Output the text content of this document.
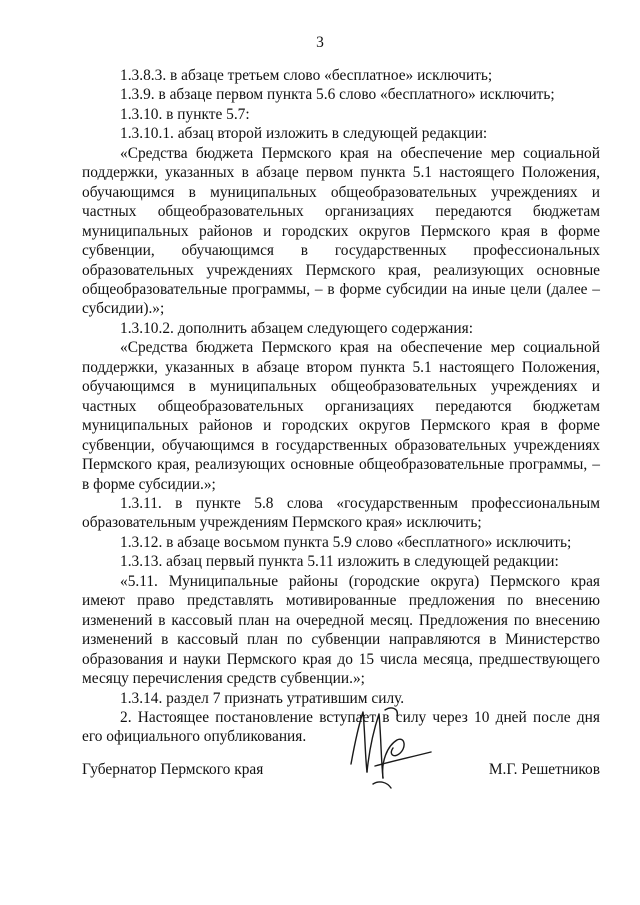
3

1.3.8.3. в абзаце третьем слово «бесплатное» исключить;

1.3.9. в абзаце первом пункта 5.6 слово «бесплатного» исключить;

1.3.10. в пункте 5.7:

1.3.10.1. абзац второй изложить в следующей редакции:

«Средства бюджета Пермского края на обеспечение мер социальной поддержки, указанных в абзаце первом пункта 5.1 настоящего Положения, обучающимся в муниципальных общеобразовательных учреждениях и частных общеобразовательных организациях передаются бюджетам муниципальных районов и городских округов Пермского края в форме субвенции, обучающимся в государственных профессиональных образовательных учреждениях Пермского края, реализующих основные общеобразовательные программы, – в форме субсидии на иные цели (далее – субсидии).»;

1.3.10.2. дополнить абзацем следующего содержания:

«Средства бюджета Пермского края на обеспечение мер социальной поддержки, указанных в абзаце втором пункта 5.1 настоящего Положения, обучающимся в муниципальных общеобразовательных учреждениях и частных общеобразовательных организациях передаются бюджетам муниципальных районов и городских округов Пермского края в форме субвенции, обучающимся в государственных образовательных учреждениях Пермского края, реализующих основные общеобразовательные программы, – в форме субсидии.»;

1.3.11. в пункте 5.8 слова «государственным профессиональным образовательным учреждениям Пермского края» исключить;

1.3.12. в абзаце восьмом пункта 5.9 слово «бесплатного» исключить;

1.3.13. абзац первый пункта 5.11 изложить в следующей редакции:

«5.11. Муниципальные районы (городские округа) Пермского края имеют право представлять мотивированные предложения по внесению изменений в кассовый план на очередной месяц. Предложения по внесению изменений в кассовый план по субвенции направляются в Министерство образования и науки Пермского края до 15 числа месяца, предшествующего месяцу перечисления средств субвенции.»;

1.3.14. раздел 7 признать утратившим силу.

2. Настоящее постановление вступает в силу через 10 дней после дня его официального опубликования.

Губернатор Пермского края	М.Г. Решетников
